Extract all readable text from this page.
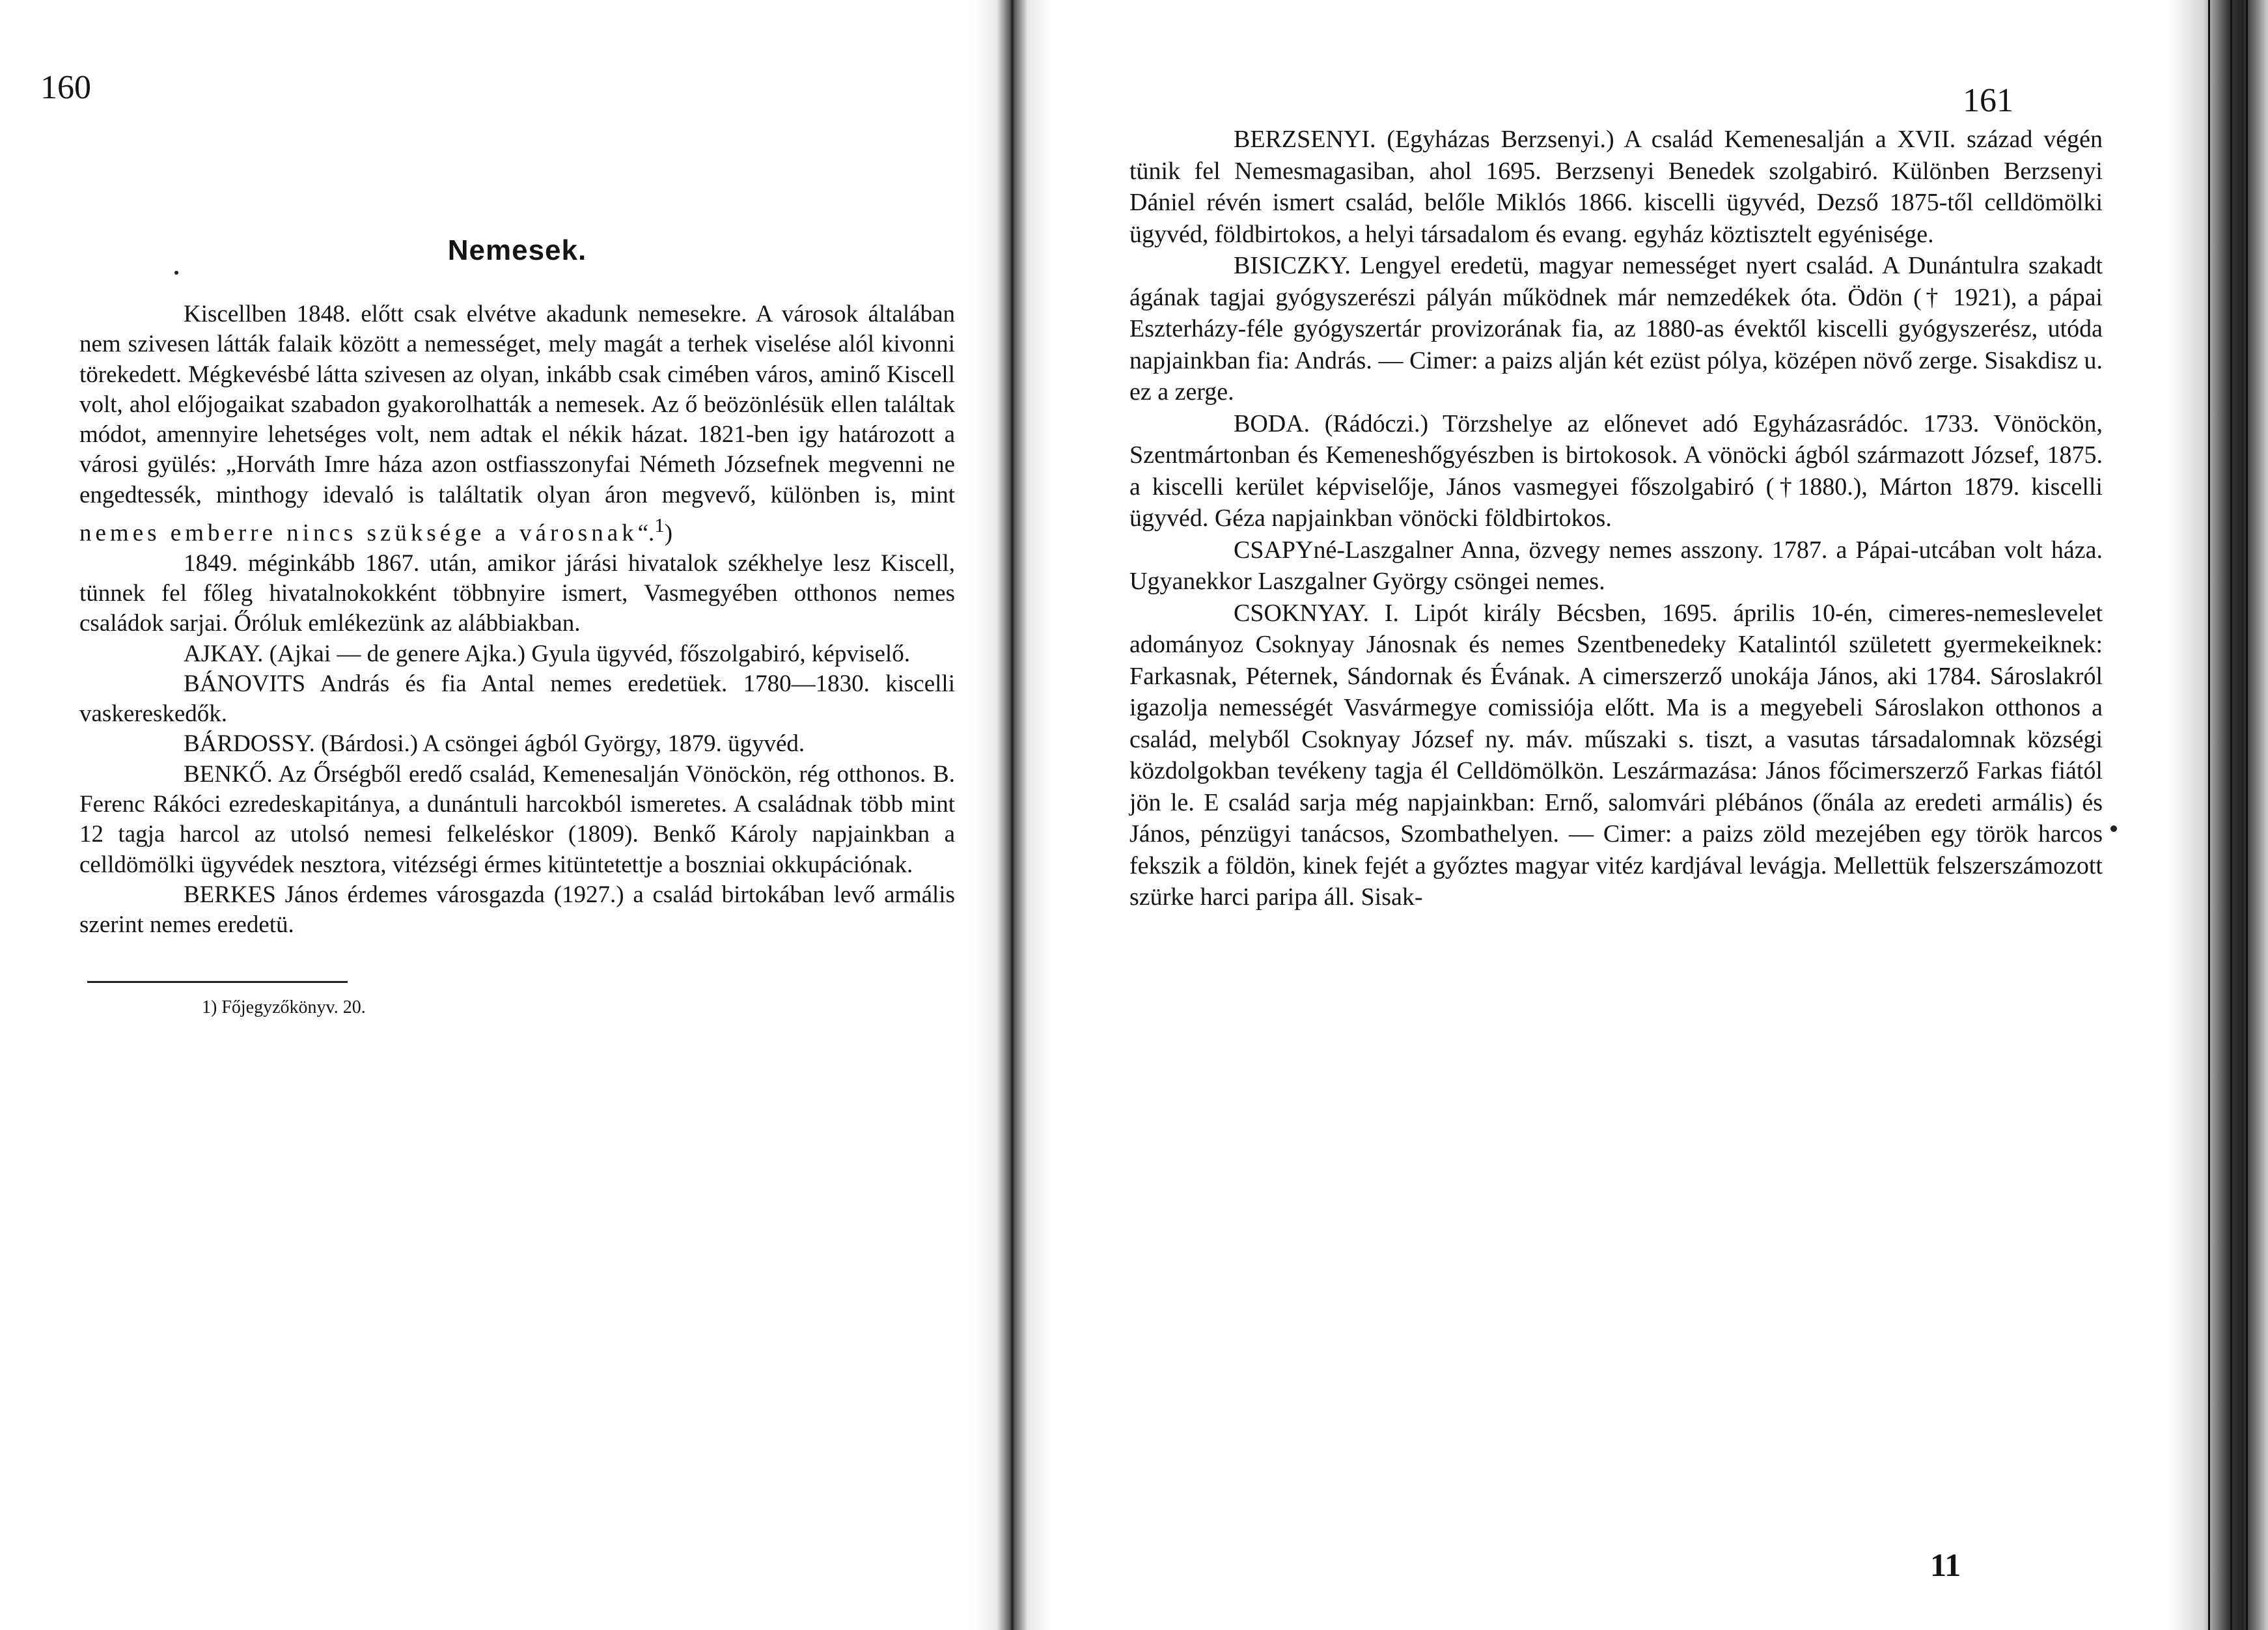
160
Nemesek.

Kiscellben 1848. előtt csak elvétve akadunk nemesekre. A városok általában nem szivesen látták falaik között a nemességet, mely magát a terhek viselése alól kivonni törekedett. Mégkevésbé látta szivesen az olyan, inkább csak cimében város, aminő Kiscell volt, ahol előjogaikat szabadon gyakorolhatták a nemesek. Az ő beözönlésük ellen találtak módot, amennyire lehetséges volt, nem adtak el nékik házat. 1821-ben igy határozott a városi gyülés: „Horváth Imre háza azon ostfiasszonyfai Németh Józsefnek megvenni ne engedtessék, minthogy idevaló is találtatik olyan áron megvevő, különben is, mint nemes emberre nincs szüksége a városnak“.$^1$)

1849. méginkább 1867. után, amikor járási hivatalok székhelye lesz Kiscell, tünnek fel főleg hivatalnokokként többnyire ismert, Vasmegyében otthonos nemes családok sarjai. Őróluk emlékezünk az alábbiakban.

AJKAY. (Ajkai — de genere Ajka.) Gyula ügyvéd, főszolgabiró, képviselő.

BÁNOVITS András és fia Antal nemes eredetüek. 1780—1830. kiscelli vaskereskedők.

BÁRDOSSY. (Bárdosi.) A csöngei ágból György, 1879. ügyvéd.

BENKŐ. Az Őrségből eredő család, Kemenesalján Vönöckön, rég otthonos. B. Ferenc Rákóci ezredeskapitánya, a dunántuli harcokból ismeretes. A családnak több mint 12 tagja harcol az utolsó nemesi felkeléskor (1809). Benkő Károly napjainkban a celldömölki ügyvédek nesztora, vitézségi érmes kitüntetettje a boszniai okkupációnak.

BERKES János érdemes városgazda (1927.) a család birtokában levő armális szerint nemes eredetü.

1) Főjegyzőkönyv. 20.
161

BERZSENYI. (Egyházas Berzsenyi.) A család Kemenesalján a XVII. század végén tünik fel Nemesmagasiban, ahol 1695. Berzsenyi Benedek szolgabiró. Különben Berzsenyi Dániel révén ismert család, belőle Miklós 1866. kiscelli ügyvéd, Dezső 1875-től celldömölki ügyvéd, földbirtokos, a helyi társadalom és evang. egyház köztisztelt egyénisége.

BISICZKY. Lengyel eredetü, magyar nemességet nyert család. A Dunántulra szakadt ágának tagjai gyógyszerészi pályán működnek már nemzedékek óta. Ödön († 1921), a pápai Eszterházy-féle gyógyszertár provizorának fia, az 1880-as évektől kiscelli gyógyszerész, utóda napjainkban fia: András. — Cimer: a paizs alján két ezüst pólya, középen növő zerge. Sisakdisz u. ez a zerge.

BODA. (Rádóczi.) Törzshelye az előnevet adó Egyházasrádóc. 1733. Vönöckön, Szentmártonban és Kemeneshőgyészben is birtokosok. A vönöcki ágból származott József, 1875. a kiscelli kerület képviselője, János vasmegyei főszolgabiró (†1880.), Márton 1879. kiscelli ügyvéd. Géza napjainkban vönöcki földbirtokos.

CSAPYné-Laszgalner Anna, özvegy nemes asszony. 1787. a Pápai-utcában volt háza. Ugyanekkor Laszgalner György csöngei nemes.

CSOKNYAY. I. Lipót király Bécsben, 1695. április 10-én, cimeres-nemeslevelet adományoz Csoknyay Jánosnak és nemes Szentbenedeky Katalintól született gyermekeiknek: Farkasnak, Péternek, Sándornak és Évának. A cimerszerző unokája János, aki 1784. Sároslakról igazolja nemességét Vasvármegye comissiója előtt. Ma is a megyebeli Sároslakon otthonos a család, melyből Csoknyay József ny. máv. műszaki s. tiszt, a vasutas társadalomnak községi közdolgokban tevékeny tagja él Celldömölkön. Leszármazása: János főcimerszerző Farkas fiától jön le. E család sarja még napjainkban: Ernő, salomvári plébános (őnála az eredeti armális) és János, pénzügyi tanácsos, Szombathelyen. — Cimer: a paizs zöld mezejében egy török harcos fekszik a földön, kinek fejét a győztes magyar vitéz kardjával levágja. Mellettük felszerszámozott szürke harci paripa áll. Sisak-

11
